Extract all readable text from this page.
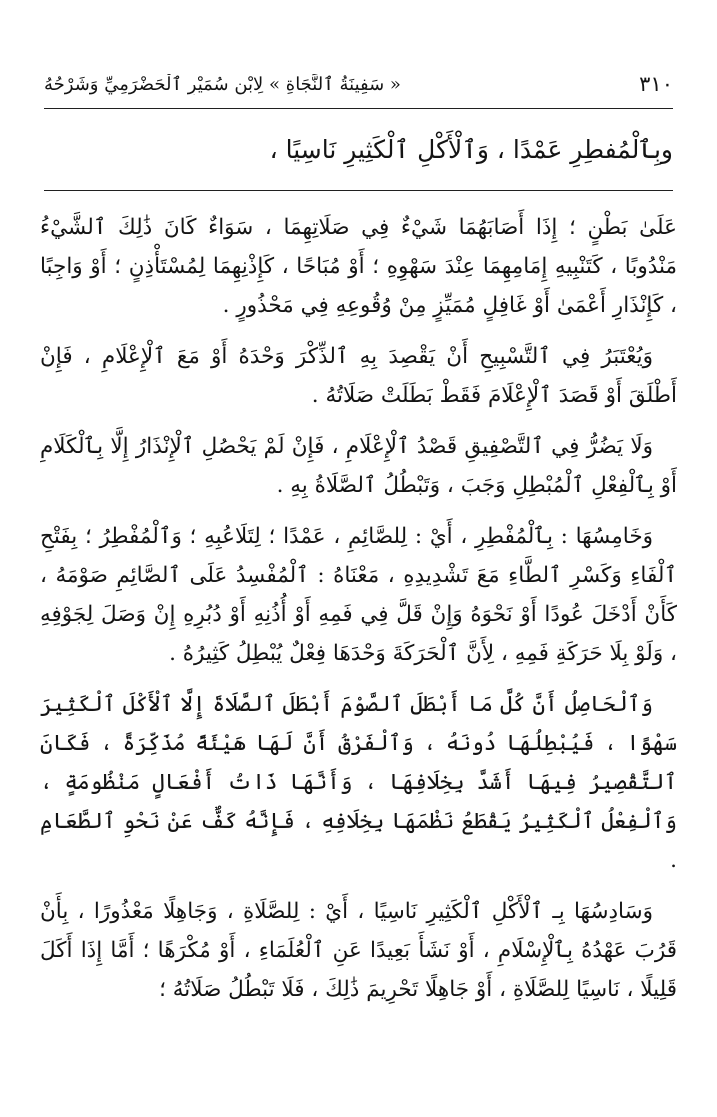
٣١٠
« سَفِينَةُ ٱلنَّجَاةِ » لِابْنِ سُمَيْرٍ ٱلْحَضْرَمِيِّ وَشَرْحُهُ
وبِٱلْمُفطِرِ عَمْدًا ، وَٱلْأَكْلِ ٱلْكَثِيرِ نَاسِيًا ،

عَلَىٰ بَطْنٍ ؛ إِذَا أَصَابَهُمَا شَيْءٌ فِي صَلَاتِهِمَا ، سَوَاءٌ كَانَ ذَٰلِكَ ٱلشَّيْءُ مَنْدُوبًا ، كَتَنْبِيهِ إِمَامِهِمَا عِنْدَ سَهْوِهِ ؛ أَوْ مُبَاحًا ، كَإِذْنِهِمَا لِمُسْتَأْذِنٍ ؛ أَوْ وَاجِبًا ، كَإِنْذَارِ أَعْمَىٰ أَوْ غَافِلٍ مُمَيِّزٍ مِنْ وُقُوعِهِ فِي مَحْذُورٍ .

وَيُعْتَبَرُ فِي ٱلتَّسْبِيحِ أَنْ يَقْصِدَ بِهِ ٱلذِّكْرَ وَحْدَهُ أَوْ مَعَ ٱلْإِعْلَامِ ، فَإِنْ أَطْلَقَ أَوْ قَصَدَ ٱلْإِعْلَامَ فَقَطْ بَطَلَتْ صَلَاتُهُ .

وَلَا يَضُرُّ فِي ٱلتَّصْفِيقِ قَصْدُ ٱلْإِعْلَامِ ، فَإِنْ لَمْ يَحْصُلِ ٱلْإِنْذَارُ إِلَّا بِٱلْكَلَامِ أَوْ بِٱلْفِعْلِ ٱلْمُبْطِلِ وَجَبَ ، وَتَبْطُلُ ٱلصَّلَاةُ بِهِ .

وَخَامِسُهَا : بِٱلْمُفْطِرِ ، أَيْ : لِلصَّائِمِ ، عَمْدًا ؛ لِتَلَاعُبِهِ ؛ وَٱلْمُفْطِرُ ؛ بِفَتْحِ ٱلْفَاءِ وَكَسْرِ ٱلطَّاءِ مَعَ تَشْدِيدِهِ ، مَعْنَاهُ : ٱلْمُفْسِدُ عَلَى ٱلصَّائِمِ صَوْمَهُ ، كَأَنْ أَدْخَلَ عُودًا أَوْ نَحْوَهُ وَإِنْ قَلَّ فِي فَمِهِ أَوْ أُذُنِهِ أَوْ دُبُرِهِ إِنْ وَصَلَ لِجَوْفِهِ ، وَلَوْ بِلَا حَرَكَةِ فَمِهِ ، لِأَنَّ ٱلْحَرَكَةَ وَحْدَهَا فِعْلٌ يُبْطِلُ كَثِيرُهُ .

وَٱلْحَاصِلُ أَنَّ كُلَّ مَا أَبْطَلَ ٱلصَّوْمَ أَبْطَلَ ٱلصَّلَاةَ إِلَّا ٱلْأَكْلَ ٱلْكَثِيرَ سَهْوًا ، فَيُبْطِلُهَا دُونَهُ ، وَٱلْفَرْقُ أَنَّ لَهَا هَيْئَةً مُذَكِّرَةً ، فَكَانَ ٱلتَّقْصِيرُ فِيهَا أَشَدَّ بِخِلَافِهَا ، وَأَنَّهَا ذَاتُ أَفْعَالٍ مَنْظُومَةٍ ، وَٱلْفِعْلُ ٱلْكَثِيرُ يَقْطَعُ نَظْمَهَا بِخِلَافِهِ ، فَإِنَّهُ كَفٌّ عَنْ نَحْوِ ٱلطَّعَامِ .

وَسَادِسُهَا بِـ ٱلْأَكْلِ ٱلْكَثِيرِ نَاسِيًا ، أَيْ : لِلصَّلَاةِ ، وَجَاهِلًا مَعْذُورًا ، بِأَنْ قَرُبَ عَهْدُهُ بِٱلْإِسْلَامِ ، أَوْ نَشَأَ بَعِيدًا عَنِ ٱلْعُلَمَاءِ ، أَوْ مُكْرَهًا ؛ أَمَّا إِذَا أَكَلَ قَلِيلًا ، نَاسِيًا لِلصَّلَاةِ ، أَوْ جَاهِلًا تَحْرِيمَ ذَٰلِكَ ، فَلَا تَبْطُلُ صَلَاتُهُ ؛
